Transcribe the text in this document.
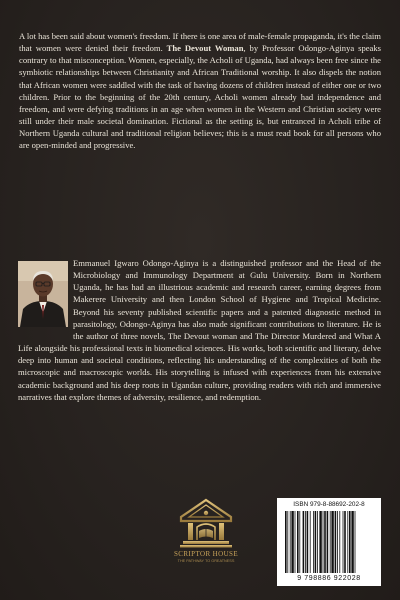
A lot has been said about women's freedom. If there is one area of male-female propaganda, it's the claim that women were denied their freedom. The Devout Woman, by Professor Odongo-Aginya speaks contrary to that misconception. Women, especially, the Acholi of Uganda, had always been free since the symbiotic relationships between Christianity and African Traditional worship. It also dispels the notion that African women were saddled with the task of having dozens of children instead of either one or two children. Prior to the beginning of the 20th century, Acholi women already had independence and freedom, and were defying traditions in an age when women in the Western and Christian society were still under their male societal domination. Fictional as the setting is, but entranced in Acholi tribe of Northern Uganda cultural and traditional religion believes; this is a must read book for all persons who are open-minded and progressive.

Emmanuel Igwaro Odongo-Aginya is a distinguished professor and the Head of the Microbiology and Immunology Department at Gulu University. Born in Northern Uganda, he has had an illustrious academic and research career, earning degrees from Makerere University and then London School of Hygiene and Tropical Medicine. Beyond his seventy published scientific papers and a patented diagnostic method in parasitology, Odongo-Aginya has also made significant contributions to literature. He is the author of three novels, The Devout woman and The Director Murdered and What A Life alongside his professional texts in biomedical sciences. His works, both scientific and literary, delve deep into human and societal conditions, reflecting his understanding of the complexities of both the microscopic and macroscopic worlds. His storytelling is infused with experiences from his extensive academic background and his deep roots in Ugandan culture, providing readers with rich and immersive narratives that explore themes of adversity, resilience, and redemption.

SCRIPTOR HOUSE
THE PATHWAY TO GREATNESS
ISBN 979-8-88692-202-8
9 798886 922028
